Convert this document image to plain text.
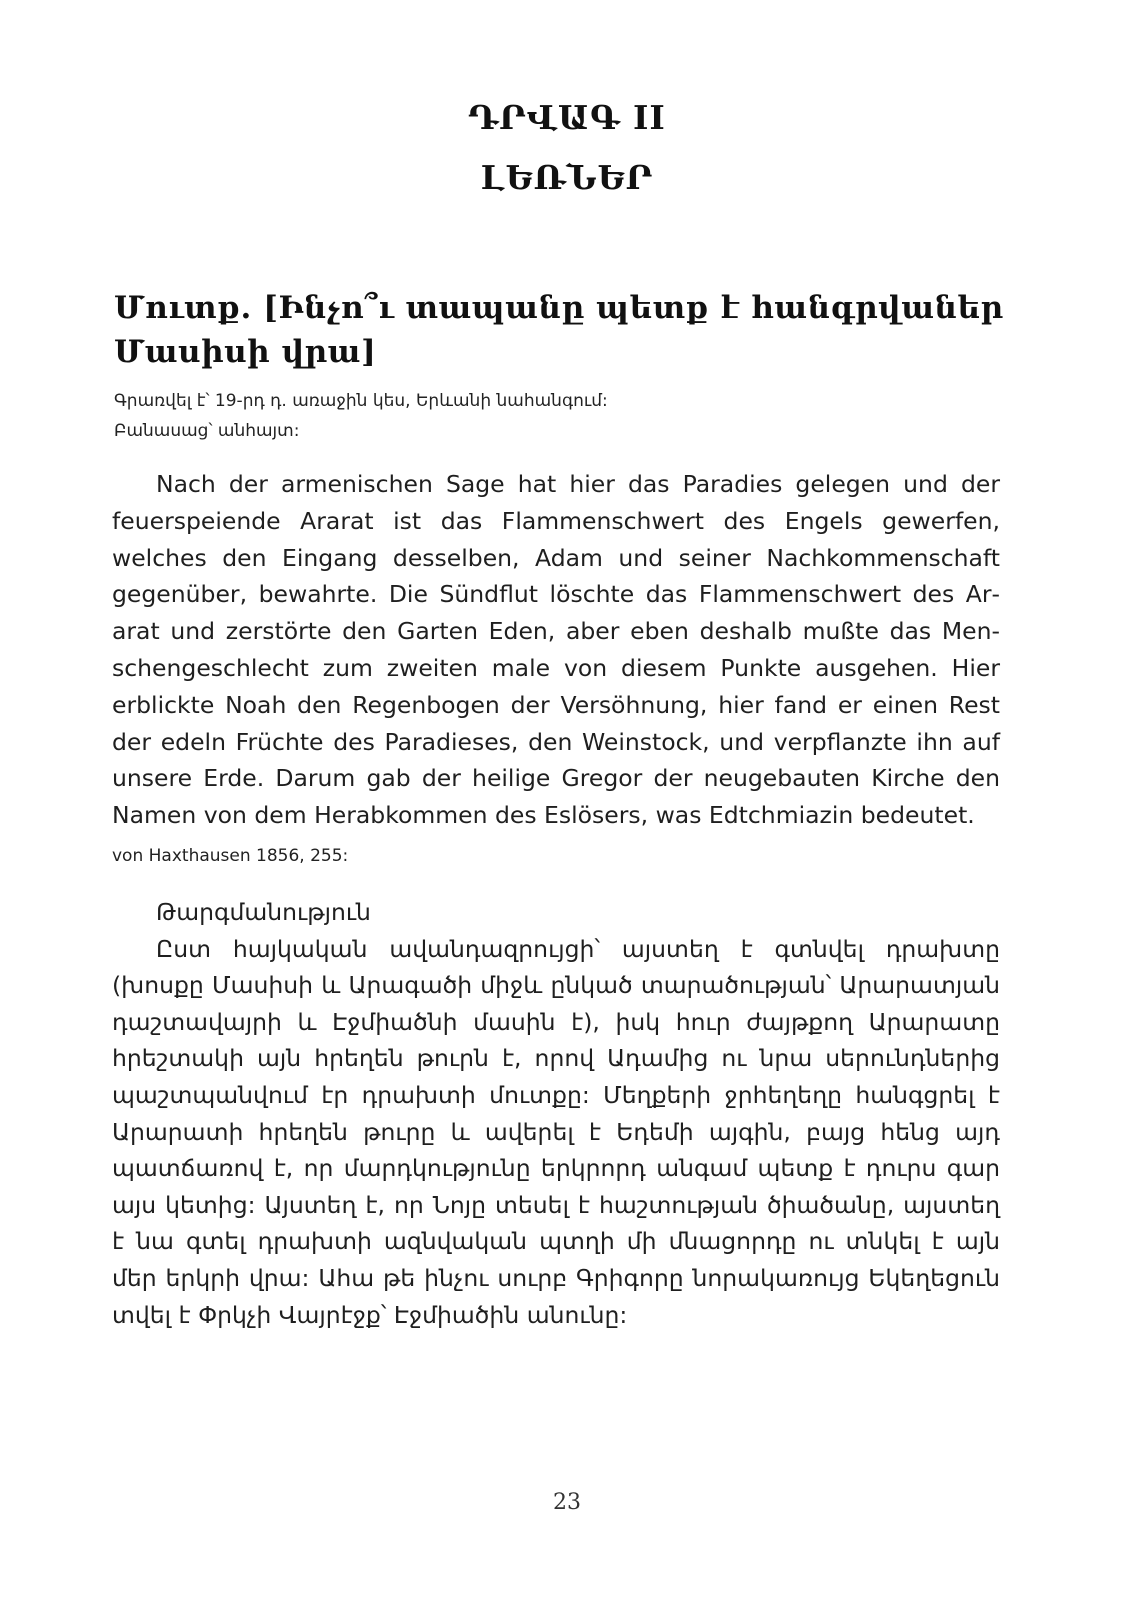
ԴՐՎԱԳ II
ԼԵՌՆԵՐ
Մուտք. [Ինչո՞ւ տապանը պետք է հանգրվաներ Մասիսի վրա]
Գրառվել է՝ 19-րդ դ. առաջին կես, Երևանի նահանգում:
Բանասաց՝ անհայտ:

Nach der armenischen Sage hat hier das Paradies gelegen und der feuerspeiende Ararat ist das Flammenschwert des Engels gewerfen, welches den Eingang desselben, Adam und seiner Nachkommenschaft gegenüber, bewahrte. Die Sündflut löschte das Flammenschwert des Ararat und zerstörte den Garten Eden, aber eben deshalb mußte das Menschengeschlecht zum zweiten male von diesem Punkte ausgehen. Hier erblickte Noah den Regenbogen der Versöhnung, hier fand er einen Rest der edeln Früchte des Paradieses, den Weinstock, und verpflanzte ihn auf unsere Erde. Darum gab der heilige Gregor der neugebauten Kirche den Namen von dem Herabkommen des Eslösers, was Edtchmiazin bedeutet.

von Haxthausen 1856, 255:
Թարգմանություն

Ըստ հայկական ավանդազրույցի՝ այստեղ է գտնվել դրախտը (խոսքը Մասիսի և Արագածի միջև ընկած տարածության՝ Արարատյան դաշտավայրի և Էջմիածնի մասին է), իսկ հուր ժայթքող Արարատը հրեշտակի այն հրեղեն թուրն է, որով Ադամից ու նրա սերունդներից պաշտպանվում էր դրախտի մուտքը: Մեղքերի ջրհեղեղը հանգցրել է Արարատի հրեղեն թուրը և ավերել է Եդեմի այգին, բայց հենց այդ պատճառով է, որ մարդկությունը երկրորդ անգամ պետք է դուրս գար այս կետից: Այստեղ է, որ Նոյը տեսել է հաշտության ծիածանը, այստեղ է նա գտել դրախտի ազնվական պտղի մի մնացորդը ու տնկել է այն մեր երկրի վրա: Ահա թե ինչու սուրբ Գրիգորը նորակառույց Եկեղեցուն տվել է Փրկչի Վայրէջք՝ Էջմիածին անունը:

23
